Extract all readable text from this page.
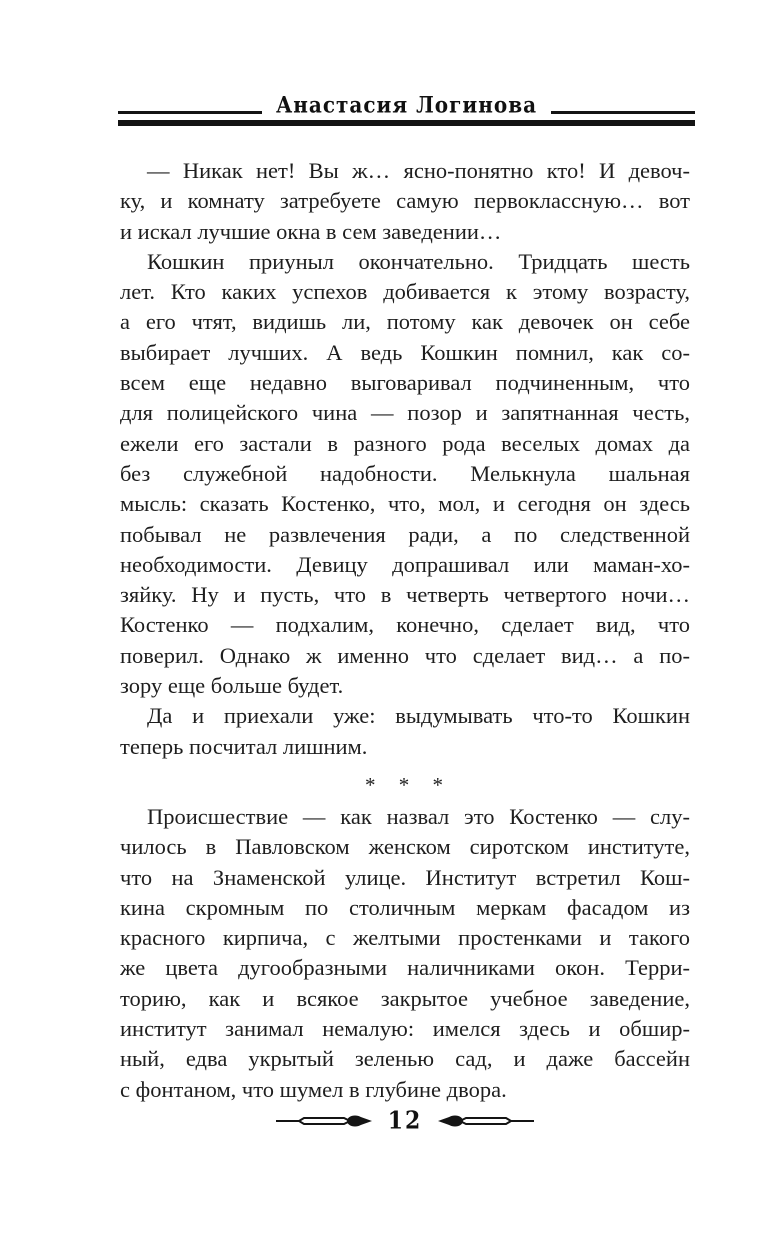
Анастасия Логинова
— Никак нет! Вы ж… ясно-понятно кто! И девоч-
ку, и комнату затребуете самую первоклассную… вот
и искал лучшие окна в сем заведении…
Кошкин приуныл окончательно. Тридцать шесть
лет. Кто каких успехов добивается к этому возрасту,
а его чтят, видишь ли, потому как девочек он себе
выбирает лучших. А ведь Кошкин помнил, как со-
всем еще недавно выговаривал подчиненным, что
для полицейского чина — позор и запятнанная честь,
ежели его застали в разного рода веселых домах да
без служебной надобности. Мелькнула шальная
мысль: сказать Костенко, что, мол, и сегодня он здесь
побывал не развлечения ради, а по следственной
необходимости. Девицу допрашивал или маман-хо-
зяйку. Ну и пусть, что в четверть четвертого ночи…
Костенко — подхалим, конечно, сделает вид, что
поверил. Однако ж именно что сделает вид… а по-
зору еще больше будет.
Да и приехали уже: выдумывать что-то Кошкин
теперь посчитал лишним.
* * *
Происшествие — как назвал это Костенко — слу-
чилось в Павловском женском сиротском институте,
что на Знаменской улице. Институт встретил Кош-
кина скромным по столичным меркам фасадом из
красного кирпича, с желтыми простенками и такого
же цвета дугообразными наличниками окон. Терри-
торию, как и всякое закрытое учебное заведение,
институт занимал немалую: имелся здесь и обшир-
ный, едва укрытый зеленью сад, и даже бассейн
с фонтаном, что шумел в глубине двора.
12
